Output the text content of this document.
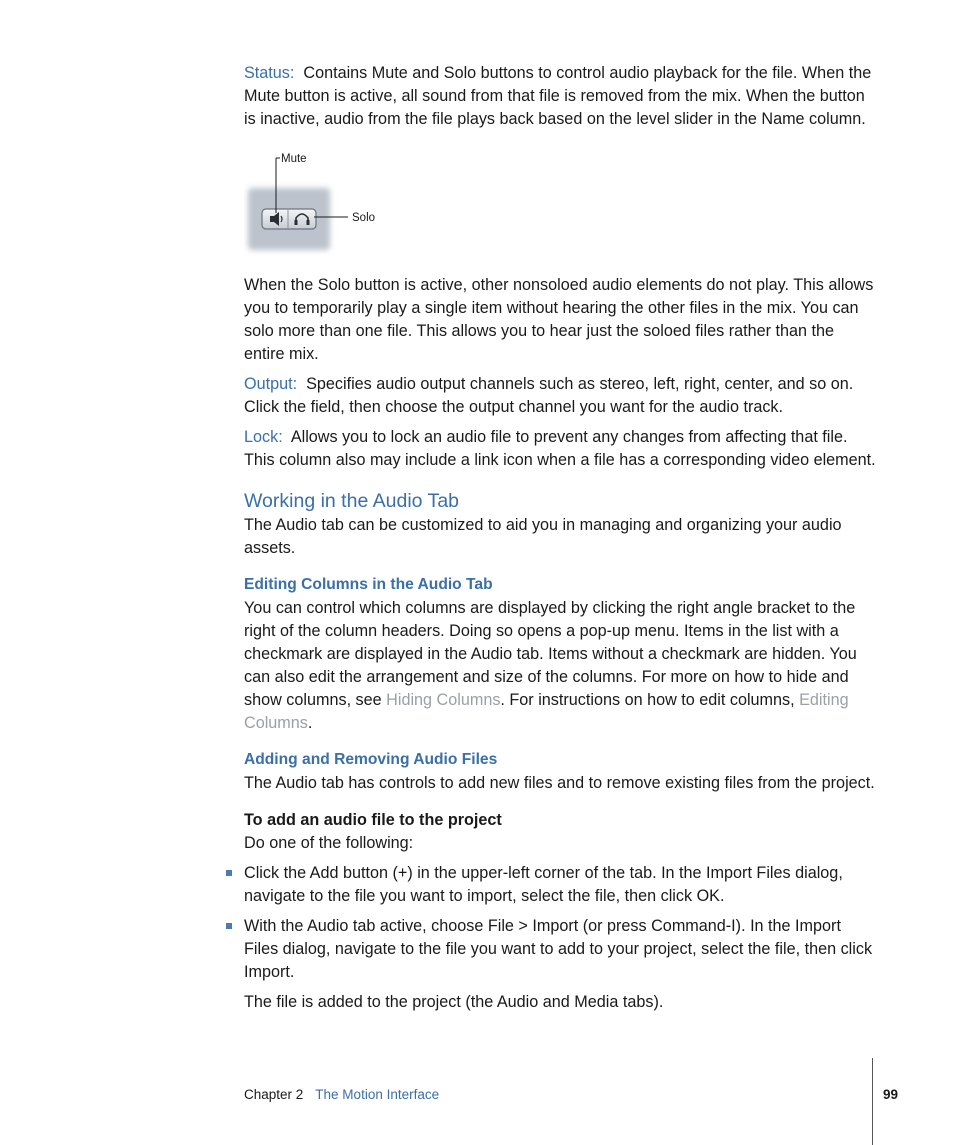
Status: Contains Mute and Solo buttons to control audio playback for the file. When the Mute button is active, all sound from that file is removed from the mix. When the button is inactive, audio from the file plays back based on the level slider in the Name column.

Mute
Solo

When the Solo button is active, other nonsoloed audio elements do not play. This allows you to temporarily play a single item without hearing the other files in the mix. You can solo more than one file. This allows you to hear just the soloed files rather than the entire mix.

Output: Specifies audio output channels such as stereo, left, right, center, and so on. Click the field, then choose the output channel you want for the audio track.

Lock: Allows you to lock an audio file to prevent any changes from affecting that file. This column also may include a link icon when a file has a corresponding video element.

Working in the Audio Tab

The Audio tab can be customized to aid you in managing and organizing your audio assets.

Editing Columns in the Audio Tab

You can control which columns are displayed by clicking the right angle bracket to the right of the column headers. Doing so opens a pop-up menu. Items in the list with a checkmark are displayed in the Audio tab. Items without a checkmark are hidden. You can also edit the arrangement and size of the columns. For more on how to hide and show columns, see Hiding Columns. For instructions on how to edit columns, Editing Columns.

Adding and Removing Audio Files

The Audio tab has controls to add new files and to remove existing files from the project.

To add an audio file to the project

Do one of the following:

Click the Add button (+) in the upper-left corner of the tab. In the Import Files dialog, navigate to the file you want to import, select the file, then click OK.

With the Audio tab active, choose File > Import (or press Command-I). In the Import Files dialog, navigate to the file you want to add to your project, select the file, then click Import.

The file is added to the project (the Audio and Media tabs).

Chapter 2 The Motion Interface	99
